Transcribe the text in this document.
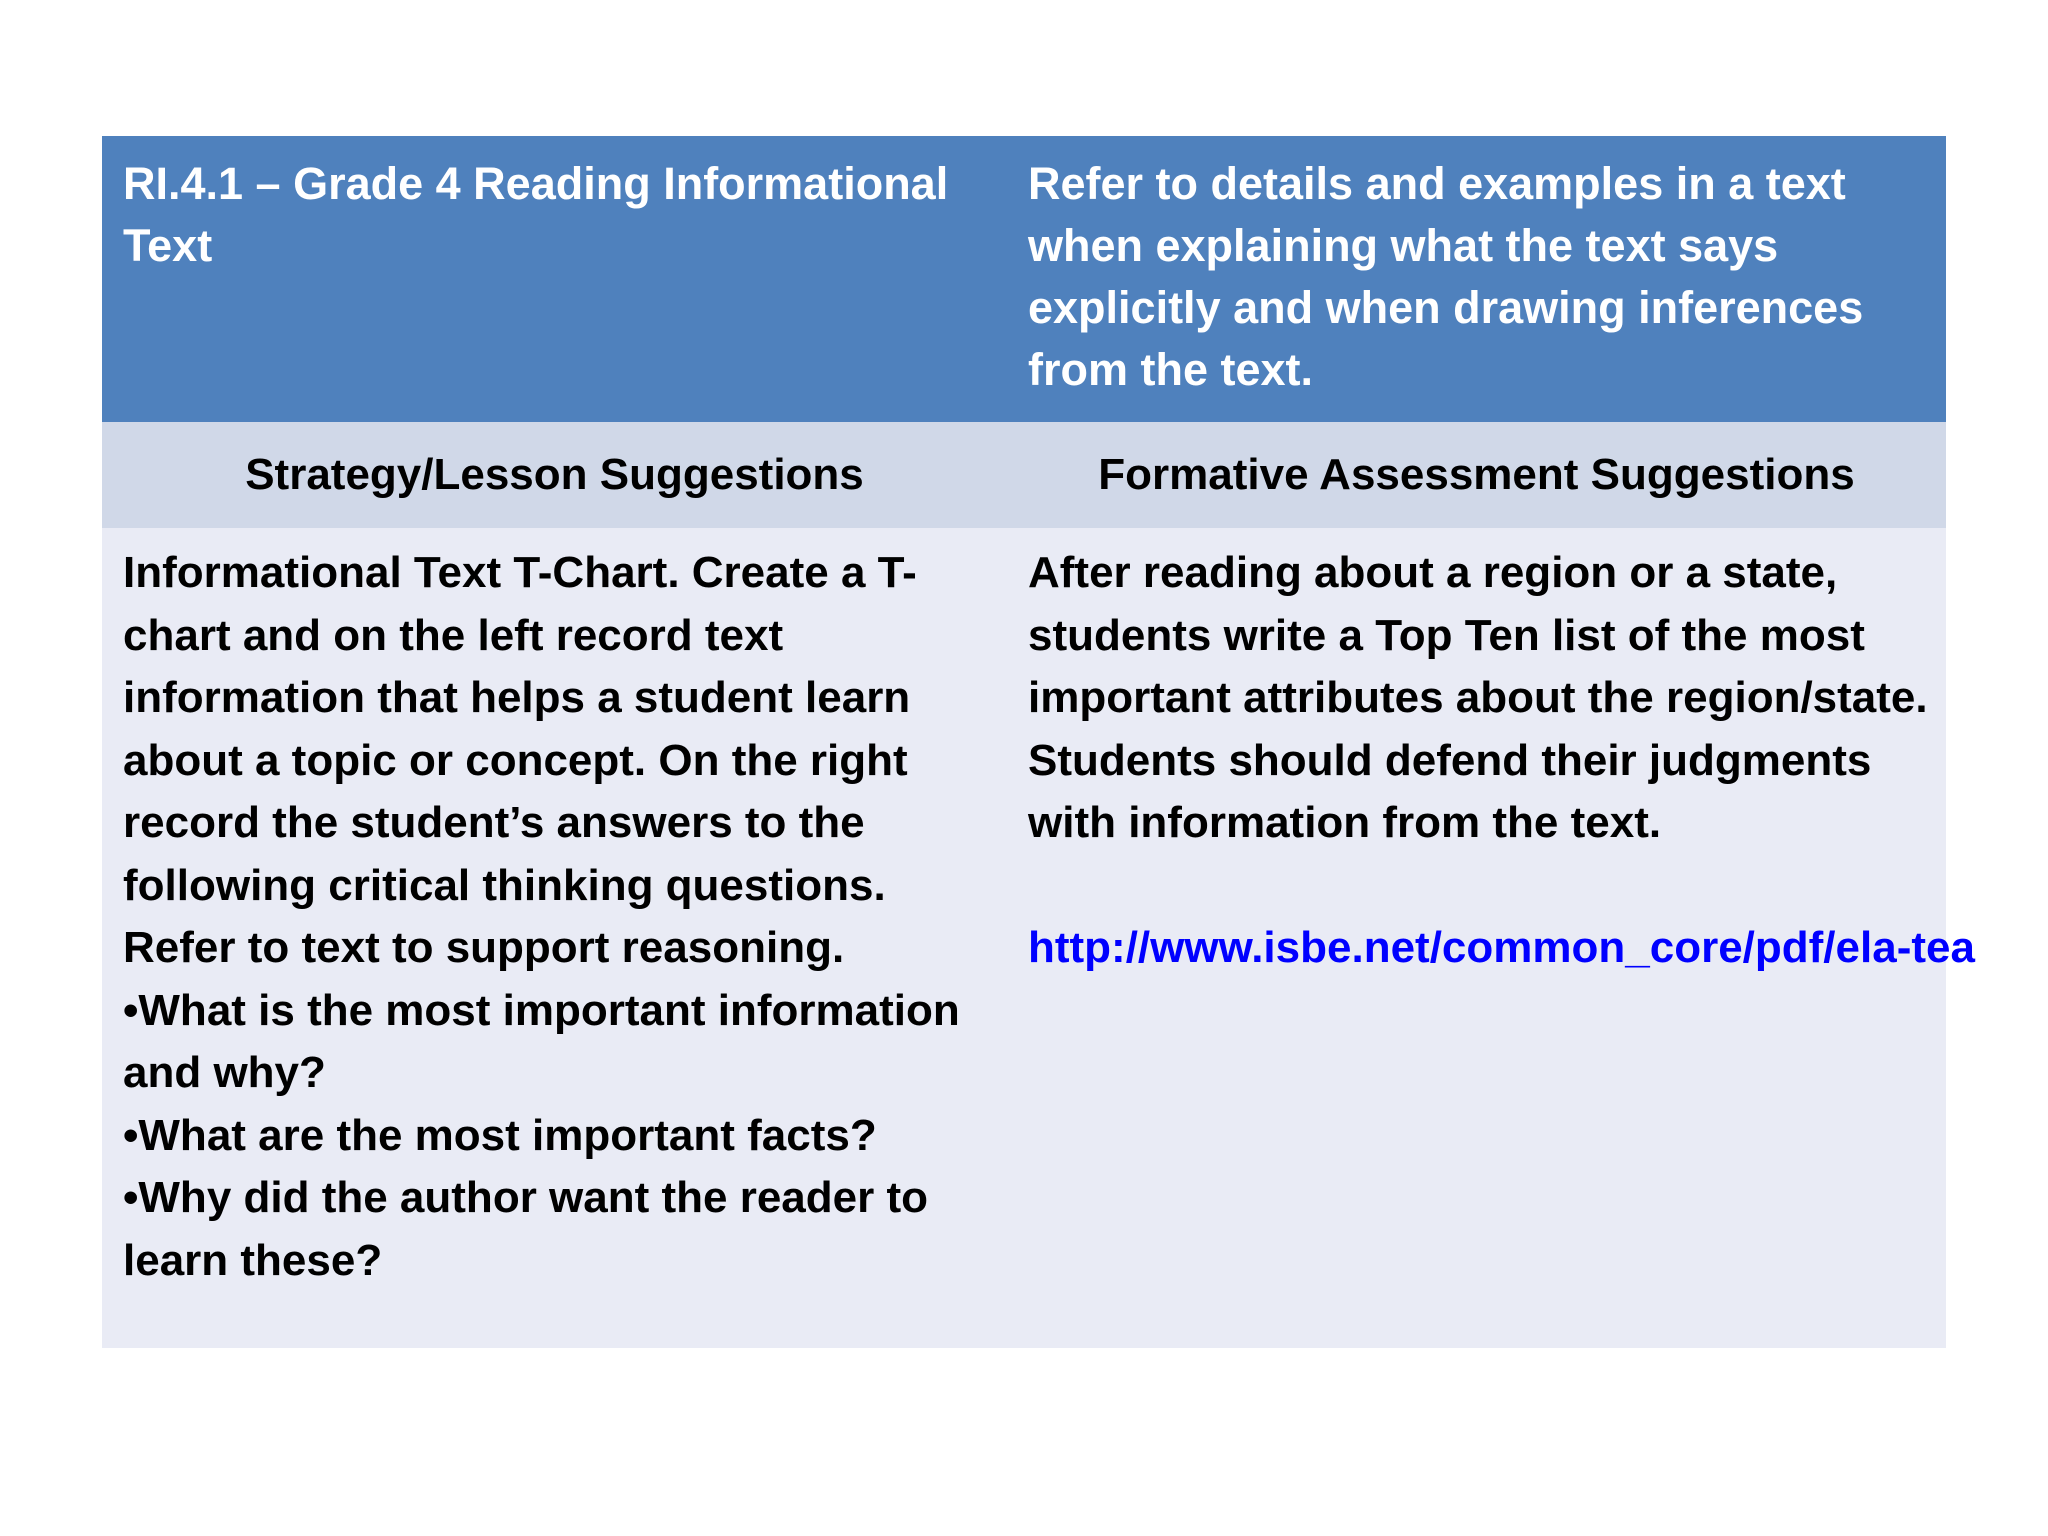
RI.4.1 – Grade 4 Reading Informational Text
Refer to details and examples in a text when explaining what the text says explicitly and when drawing inferences from the text.
Strategy/Lesson Suggestions	Formative Assessment Suggestions
Informational Text T-Chart. Create a T-chart and on the left record text information that helps a student learn about a topic or concept. On the right record the student’s answers to the following critical thinking questions. Refer to text to support reasoning.
• What is the most important information and why?
• What are the most important facts?
• Why did the author want the reader to learn these?
After reading about a region or a state, students write a Top Ten list of the most important attributes about the region/state. Students should defend their judgments with information from the text.
http://www.isbe.net/common_core/pdf/ela-tea
